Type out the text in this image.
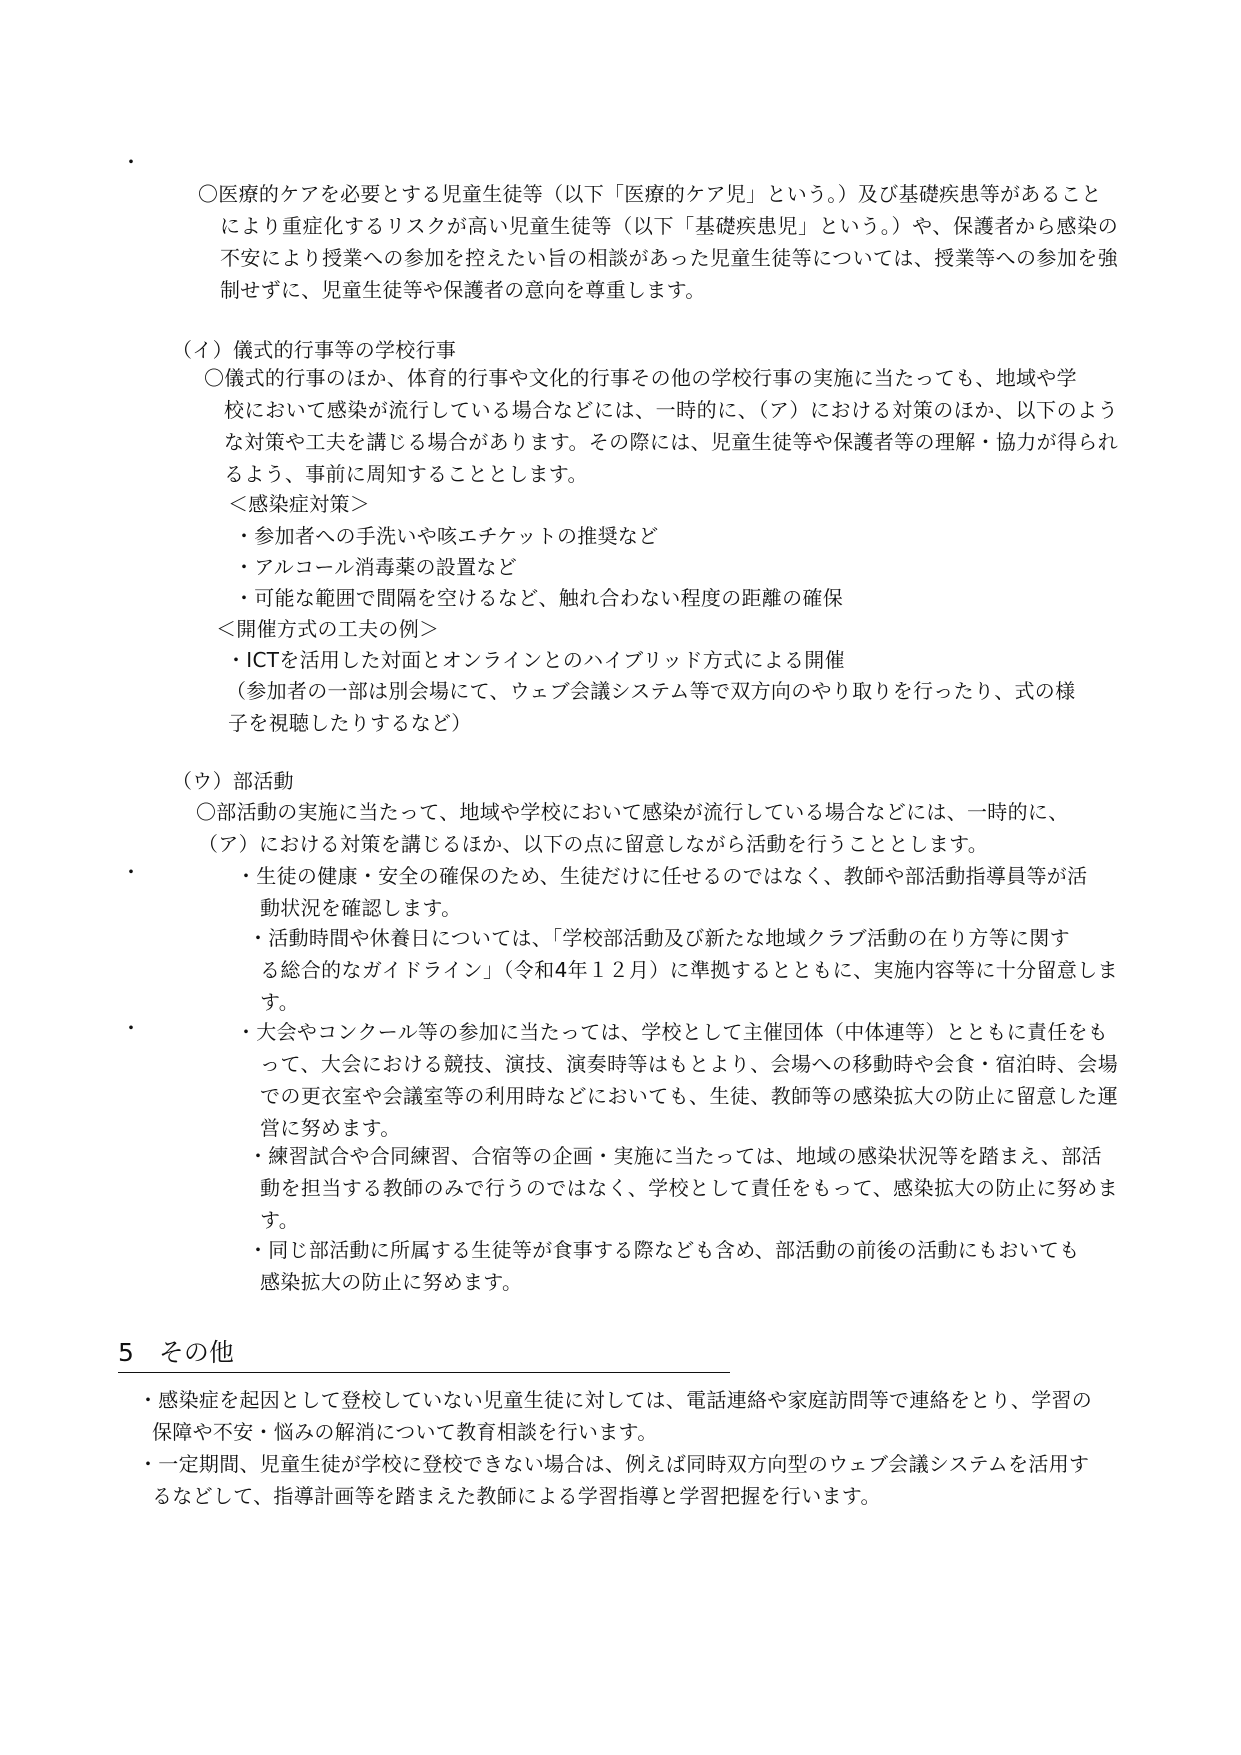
・
・
・
〇医療的ケアを必要とする児童生徒等（以下「医療的ケア児」という。）及び基礎疾患等があること
により重症化するリスクが高い児童生徒等（以下「基礎疾患児」という。）や、保護者から感染の不安により授業への参加を控えたい旨の相談があった児童生徒等については、授業等への参加を強制せずに、児童生徒等や保護者の意向を尊重します。
（イ）儀式的行事等の学校行事
〇儀式的行事のほか、体育的行事や文化的行事その他の学校行事の実施に当たっても、地域や学
校において感染が流行している場合などには、一時的に、（ア）における対策のほか、以下のような対策や工夫を講じる場合があります。その際には、児童生徒等や保護者等の理解・協力が得られるよう、事前に周知することとします。
＜感染症対策＞
・参加者への手洗いや咳エチケットの推奨など
・アルコール消毒薬の設置など
・可能な範囲で間隔を空けるなど、触れ合わない程度の距離の確保
＜開催方式の工夫の例＞
・ICTを活用した対面とオンラインとのハイブリッド方式による開催
（参加者の一部は別会場にて、ウェブ会議システム等で双方向のやり取りを行ったり、式の様
子を視聴したりするなど）
（ウ）部活動
〇部活動の実施に当たって、地域や学校において感染が流行している場合などには、一時的に、
（ア）における対策を講じるほか、以下の点に留意しながら活動を行うこととします。
・生徒の健康・安全の確保のため、生徒だけに任せるのではなく、教師や部活動指導員等が活
動状況を確認します。
・活動時間や休養日については、「学校部活動及び新たな地域クラブ活動の在り方等に関す
る総合的なガイドライン」（令和4年１２月）に準拠するとともに、実施内容等に十分留意します。
・大会やコンクール等の参加に当たっては、学校として主催団体（中体連等）とともに責任をも
って、大会における競技、演技、演奏時等はもとより、会場への移動時や会食・宿泊時、会場での更衣室や会議室等の利用時などにおいても、生徒、教師等の感染拡大の防止に留意した運営に努めます。
・練習試合や合同練習、合宿等の企画・実施に当たっては、地域の感染状況等を踏まえ、部活
動を担当する教師のみで行うのではなく、学校として責任をもって、感染拡大の防止に努めます。
・同じ部活動に所属する生徒等が食事する際なども含め、部活動の前後の活動にもおいても
感染拡大の防止に努めます。
5　その他
・感染症を起因として登校していない児童生徒に対しては、電話連絡や家庭訪問等で連絡をとり、学習の
保障や不安・悩みの解消について教育相談を行います。
・一定期間、児童生徒が学校に登校できない場合は、例えば同時双方向型のウェブ会議システムを活用す
るなどして、指導計画等を踏まえた教師による学習指導と学習把握を行います。
